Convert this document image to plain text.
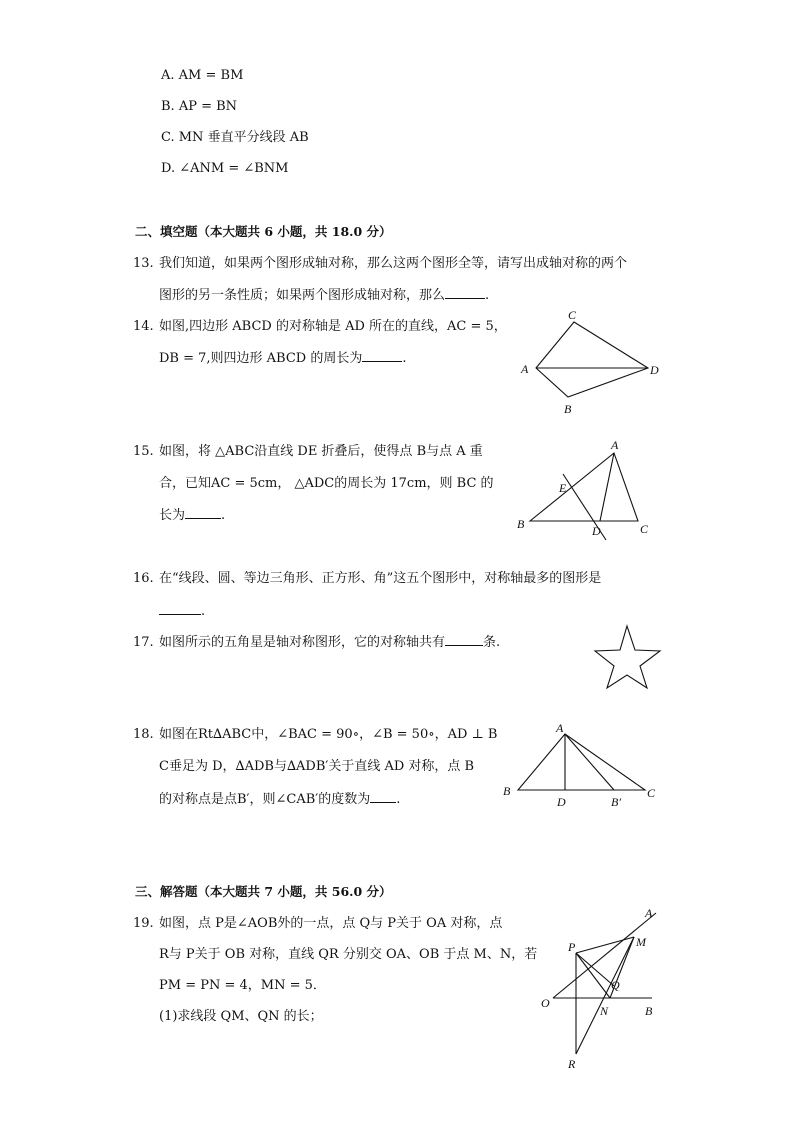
A. AM = BM
B. AP = BN
C. MN 垂直平分线段 AB
D. ∠ANM = ∠BNM
二、填空题（本大题共 6 小题，共 18.0 分）
13. 我们知道，如果两个图形成轴对称，那么这两个图形全等，请写出成轴对称的两个
图形的另一条性质；如果两个图形成轴对称，那么	.
14. 如图,四边形 ABCD 的对称轴是 AD 所在的直线，AC = 5，
DB = 7,则四边形 ABCD 的周长为	.
C
A	D
B
15. 如图，将 △ABC沿直线 DE 折叠后，使得点 B与点 A 重
合，已知AC = 5cm， △ADC的周长为 17cm，则 BC 的
长为	.
A
E
B	D	C
16. 在“线段、圆、等边三角形、正方形、角”这五个图形中，对称轴最多的图形是
.
17. 如图所示的五角星是轴对称图形，它的对称轴共有	条.
18. 如图在Rt∆ABC中，∠BAC = 90∘，∠B = 50∘，AD ⊥ B
C垂足为 D，∆ADB与∆ADB′关于直线 AD 对称，点 B
的对称点是点B′，则∠CAB′的度数为 .
A
B
D	B′
C
三、解答题（本大题共 7 小题，共 56.0 分）
19. 如图，点 P是∠AOB外的一点，点 Q与 P关于 OA 对称，点
R与 P关于 OB 对称，直线 QR 分别交 OA、OB 于点 M、N，若
PM = PN = 4，MN = 5．
(1)求线段 QM、QN 的长；
A
P	M
Q
O
N	B
R
